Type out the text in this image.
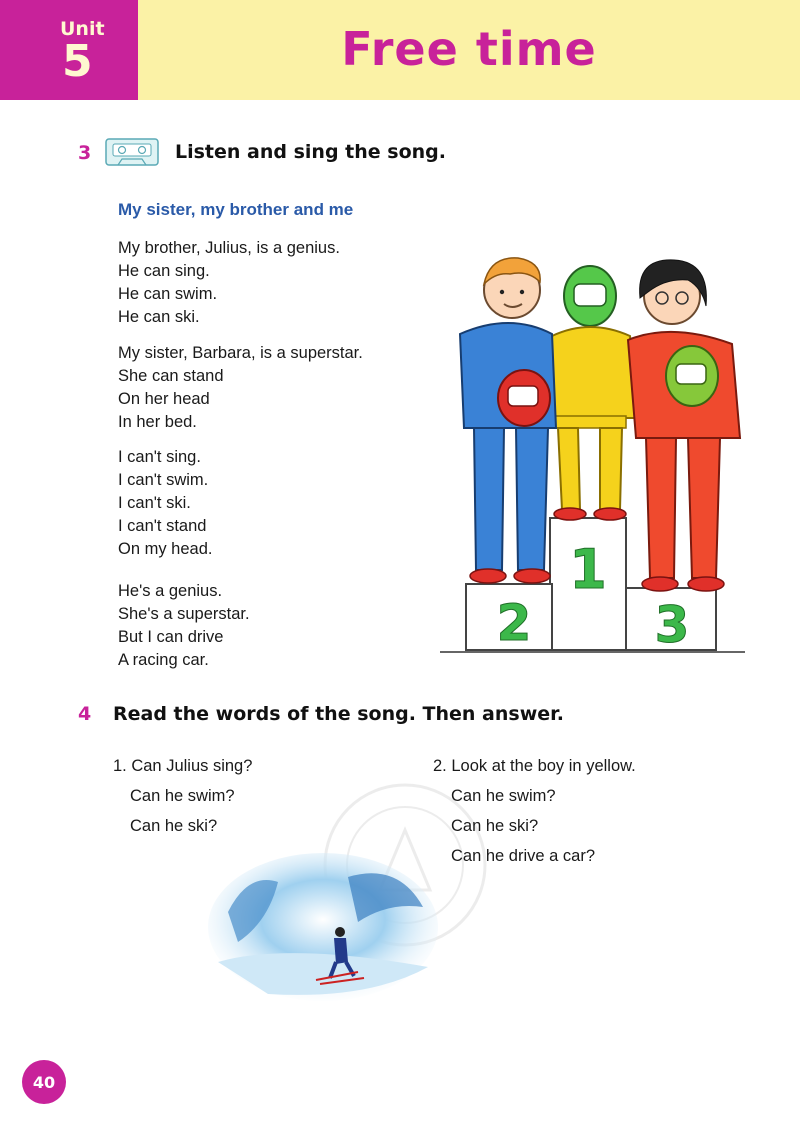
Unit
5	Free time
3	Listen and sing the song.
My sister, my brother and me
My brother, Julius, is a genius.
He can sing.
He can swim.
He can ski.
My sister, Barbara, is a superstar.
She can stand
On her head
In her bed.
I can't sing.
I can't swim.
I can't ski.
I can't stand
On my head.
He's a genius.
She's a superstar.
But I can drive
A racing car.
1
2 3
4 Read the words of the song. Then answer.
1. Can Julius sing?
Can he swim?
Can he ski?
2. Look at the boy in yellow.
Can he swim?
Can he ski?
Can he drive a car?
40
